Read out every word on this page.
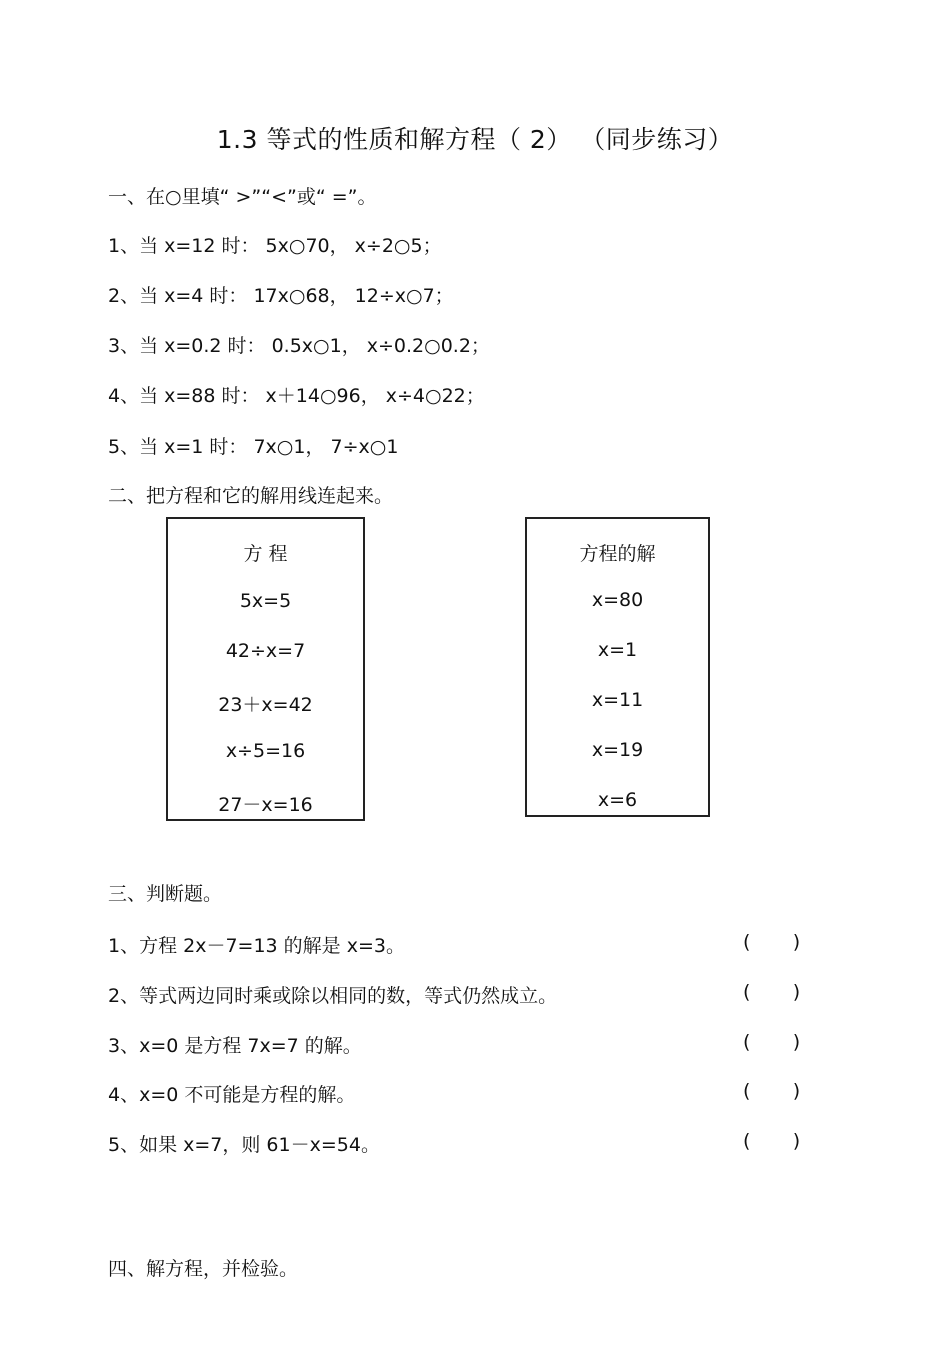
1.3 等式的性质和解方程（ 2） （同步练习）
一、在○里填“ >”“<”或“ =”。
1、当 x=12 时： 5x○70， x÷2○5；
2、当 x=4 时： 17x○68， 12÷x○7；
3、当 x=0.2 时： 0.5x○1， x÷0.2○0.2；
4、当 x=88 时： x＋14○96， x÷4○22；
5、当 x=1 时： 7x○1， 7÷x○1
二、把方程和它的解用线连起来。
方 程
5x=5
42÷x=7
23＋x=42
x÷5=16
27－x=16
方程的解
x=80
x=1
x=11
x=19
x=6
三、判断题。
1、方程 2x－7=13 的解是 x=3。	(       )
2、等式两边同时乘或除以相同的数，等式仍然成立。	(       )
3、x=0 是方程 7x=7 的解。	(       )
4、x=0 不可能是方程的解。	(       )
5、如果 x=7，则 61－x=54。	(       )
四、解方程，并检验。
